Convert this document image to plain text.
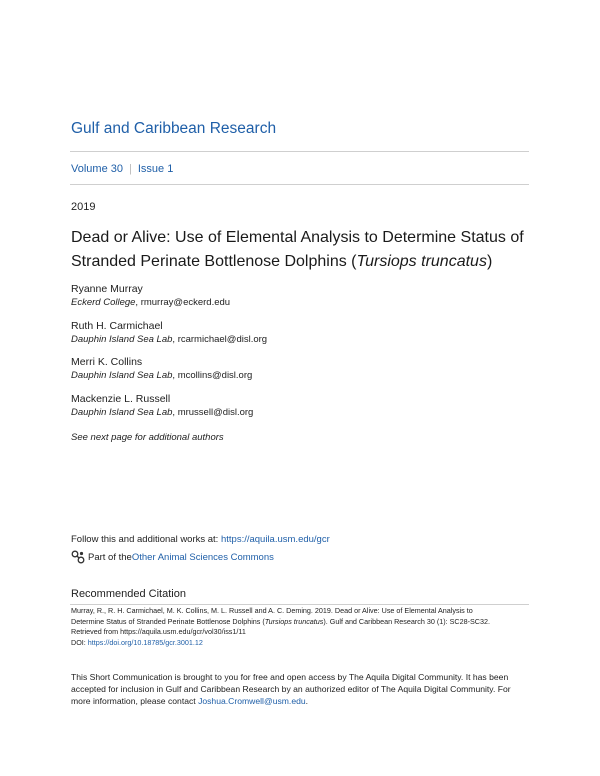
Gulf and Caribbean Research
Volume 30 | Issue 1
2019
Dead or Alive: Use of Elemental Analysis to Determine Status of Stranded Perinate Bottlenose Dolphins (Tursiops truncatus)
Ryanne Murray
Eckerd College, rmurray@eckerd.edu
Ruth H. Carmichael
Dauphin Island Sea Lab, rcarmichael@disl.org
Merri K. Collins
Dauphin Island Sea Lab, mcollins@disl.org
Mackenzie L. Russell
Dauphin Island Sea Lab, mrussell@disl.org
See next page for additional authors
Follow this and additional works at: https://aquila.usm.edu/gcr
Part of the Other Animal Sciences Commons
Recommended Citation
Murray, R., R. H. Carmichael, M. K. Collins, M. L. Russell and A. C. Deming. 2019. Dead or Alive: Use of Elemental Analysis to
Determine Status of Stranded Perinate Bottlenose Dolphins (Tursiops truncatus). Gulf and Caribbean Research 30 (1): SC28-SC32.
Retrieved from https://aquila.usm.edu/gcr/vol30/iss1/11
DOI: https://doi.org/10.18785/gcr.3001.12
This Short Communication is brought to you for free and open access by The Aquila Digital Community. It has been accepted for inclusion in Gulf and Caribbean Research by an authorized editor of The Aquila Digital Community. For more information, please contact Joshua.Cromwell@usm.edu.
